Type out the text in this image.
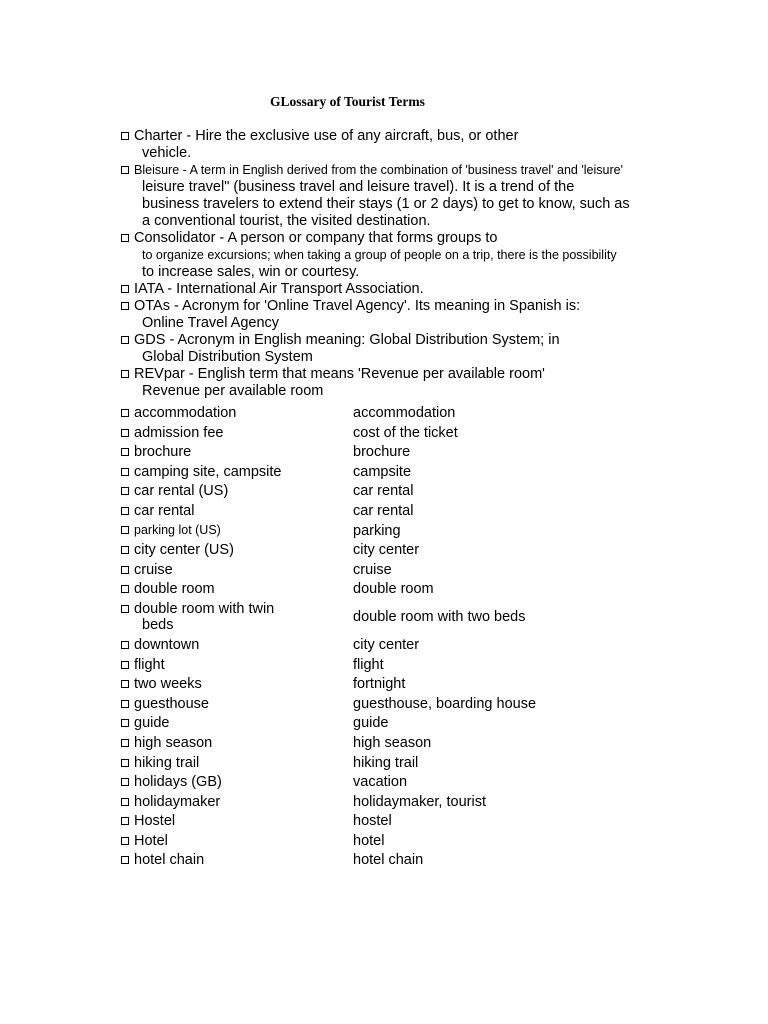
GLossary of Tourist Terms
Charter - Hire the exclusive use of any aircraft, bus, or other
vehicle.
Bleisure - A term in English derived from the combination of 'business travel' and 'leisure'
leisure travel" (business travel and leisure travel). It is a trend of the
business travelers to extend their stays (1 or 2 days) to get to know, such as
a conventional tourist, the visited destination.
Consolidator - A person or company that forms groups to
to organize excursions; when taking a group of people on a trip, there is the possibility
to increase sales, win or courtesy.
IATA - International Air Transport Association.
OTAs - Acronym for 'Online Travel Agency'. Its meaning in Spanish is:
Online Travel Agency
GDS - Acronym in English meaning: Global Distribution System; in
Global Distribution System
REVpar - English term that means 'Revenue per available room'
Revenue per available room
accommodation	accommodation
admission fee	cost of the ticket
brochure	brochure
camping site, campsite	campsite
car rental (US)	car rental
car rental	car rental
parking lot (US)	parking
city center (US)	city center
cruise	cruise
double room	double room
double room with twin
beds	double room with two beds
downtown	city center
flight	flight
two weeks	fortnight
guesthouse	guesthouse, boarding house
guide	guide
high season	high season
hiking trail	hiking trail
holidays (GB)	vacation
holidaymaker	holidaymaker, tourist
Hostel	hostel
Hotel	hotel
hotel chain	hotel chain
